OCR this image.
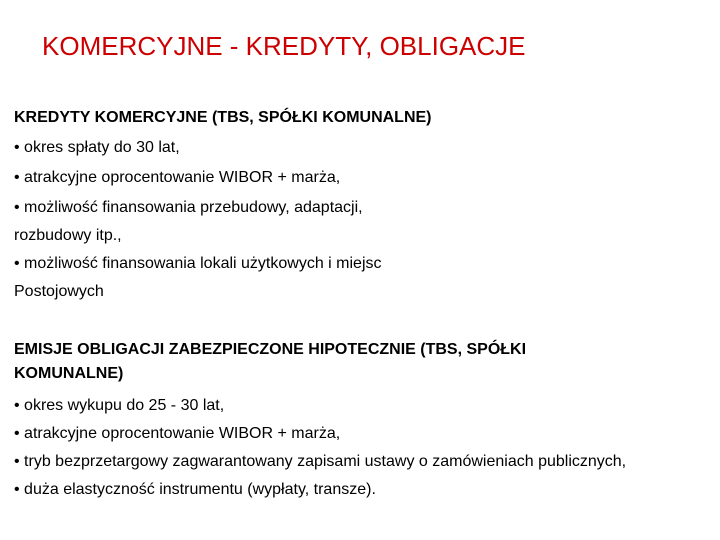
KOMERCYJNE - KREDYTY, OBLIGACJE
KREDYTY KOMERCYJNE (TBS, SPÓŁKI KOMUNALNE)
• okres spłaty do 30 lat,
• atrakcyjne oprocentowanie WIBOR + marża,
• możliwość finansowania przebudowy, adaptacji,
rozbudowy itp.,
• możliwość finansowania lokali użytkowych i miejsc
Postojowych
EMISJE OBLIGACJI ZABEZPIECZONE HIPOTECZNIE (TBS, SPÓŁKI
KOMUNALNE)
• okres wykupu do 25 - 30 lat,
• atrakcyjne oprocentowanie WIBOR + marża,
• tryb bezprzetargowy zagwarantowany zapisami ustawy o zamówieniach publicznych,
• duża elastyczność instrumentu (wypłaty, transze).
